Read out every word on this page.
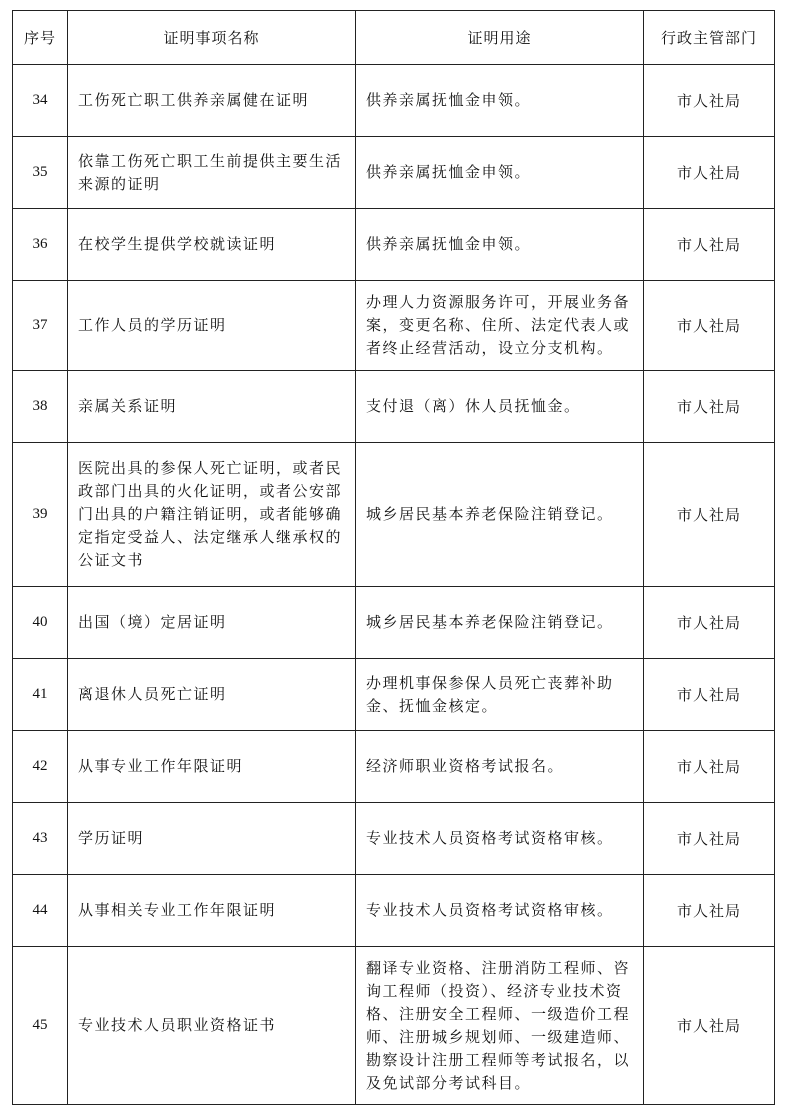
序号	证明事项名称	证明用途	行政主管部门
34	工伤死亡职工供养亲属健在证明	供养亲属抚恤金申领。	市人社局
35	依靠工伤死亡职工生前提供主要生活来源的证明	供养亲属抚恤金申领。	市人社局
36	在校学生提供学校就读证明	供养亲属抚恤金申领。	市人社局
37	工作人员的学历证明	办理人力资源服务许可，开展业务备案，变更名称、住所、法定代表人或者终止经营活动，设立分支机构。	市人社局
38	亲属关系证明	支付退（离）休人员抚恤金。	市人社局
39	医院出具的参保人死亡证明，或者民政部门出具的火化证明，或者公安部门出具的户籍注销证明，或者能够确定指定受益人、法定继承人继承权的公证文书	城乡居民基本养老保险注销登记。	市人社局
40	出国（境）定居证明	城乡居民基本养老保险注销登记。	市人社局
41	离退休人员死亡证明	办理机事保参保人员死亡丧葬补助金、抚恤金核定。	市人社局
42	从事专业工作年限证明	经济师职业资格考试报名。	市人社局
43	学历证明	专业技术人员资格考试资格审核。	市人社局
44	从事相关专业工作年限证明	专业技术人员资格考试资格审核。	市人社局
45	专业技术人员职业资格证书	翻译专业资格、注册消防工程师、咨询工程师（投资）、经济专业技术资格、注册安全工程师、一级造价工程师、注册城乡规划师、一级建造师、勘察设计注册工程师等考试报名，以及免试部分考试科目。	市人社局
